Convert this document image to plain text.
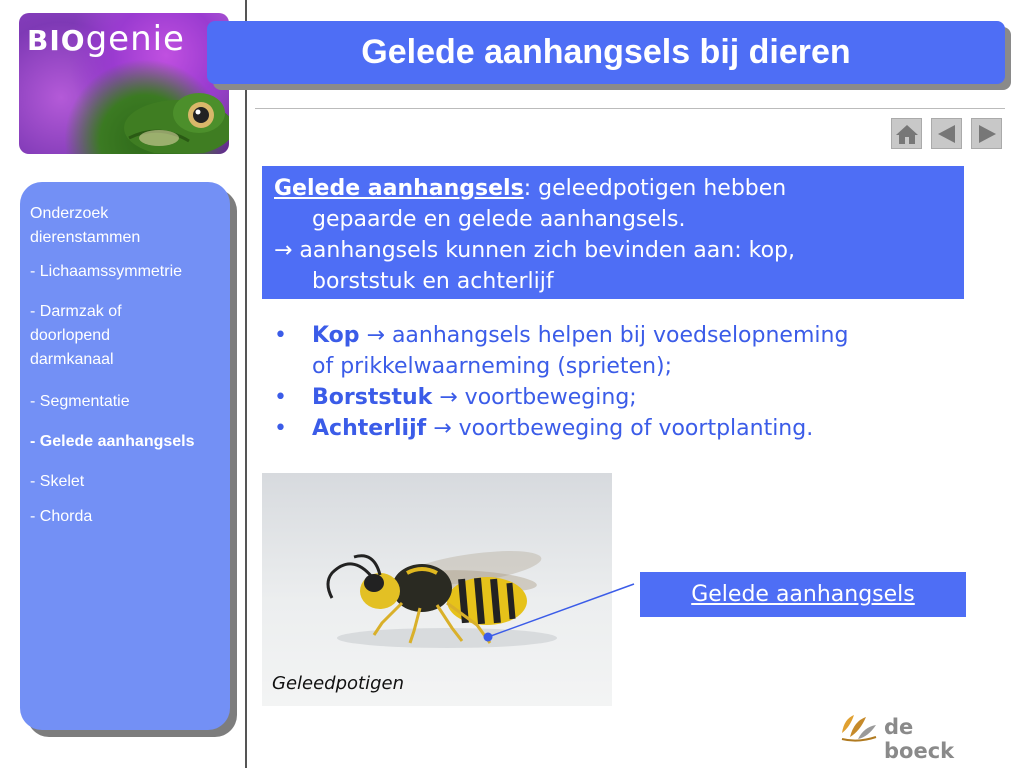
BIOgenie	Gelede aanhangsels bij dieren
Onderzoek dierenstammen
- Lichaamssymmetrie
- Darmzak of doorlopend darmkanaal
- Segmentatie
- Gelede aanhangsels
- Skelet
- Chorda

Gelede aanhangsels: geleedpotigen hebben

gepaarde en gelede aanhangsels.

→ aanhangsels kunnen zich bevinden aan: kop,

borststuk en achterlijf

• Kop → aanhangsels helpen bij voedselopneming
of prikkelwaarneming (sprieten);
• Borststuk → voortbeweging;
• Achterlijf → voortbeweging of voortplanting.
Geleedpotigen
Gelede aanhangsels
de boeck
